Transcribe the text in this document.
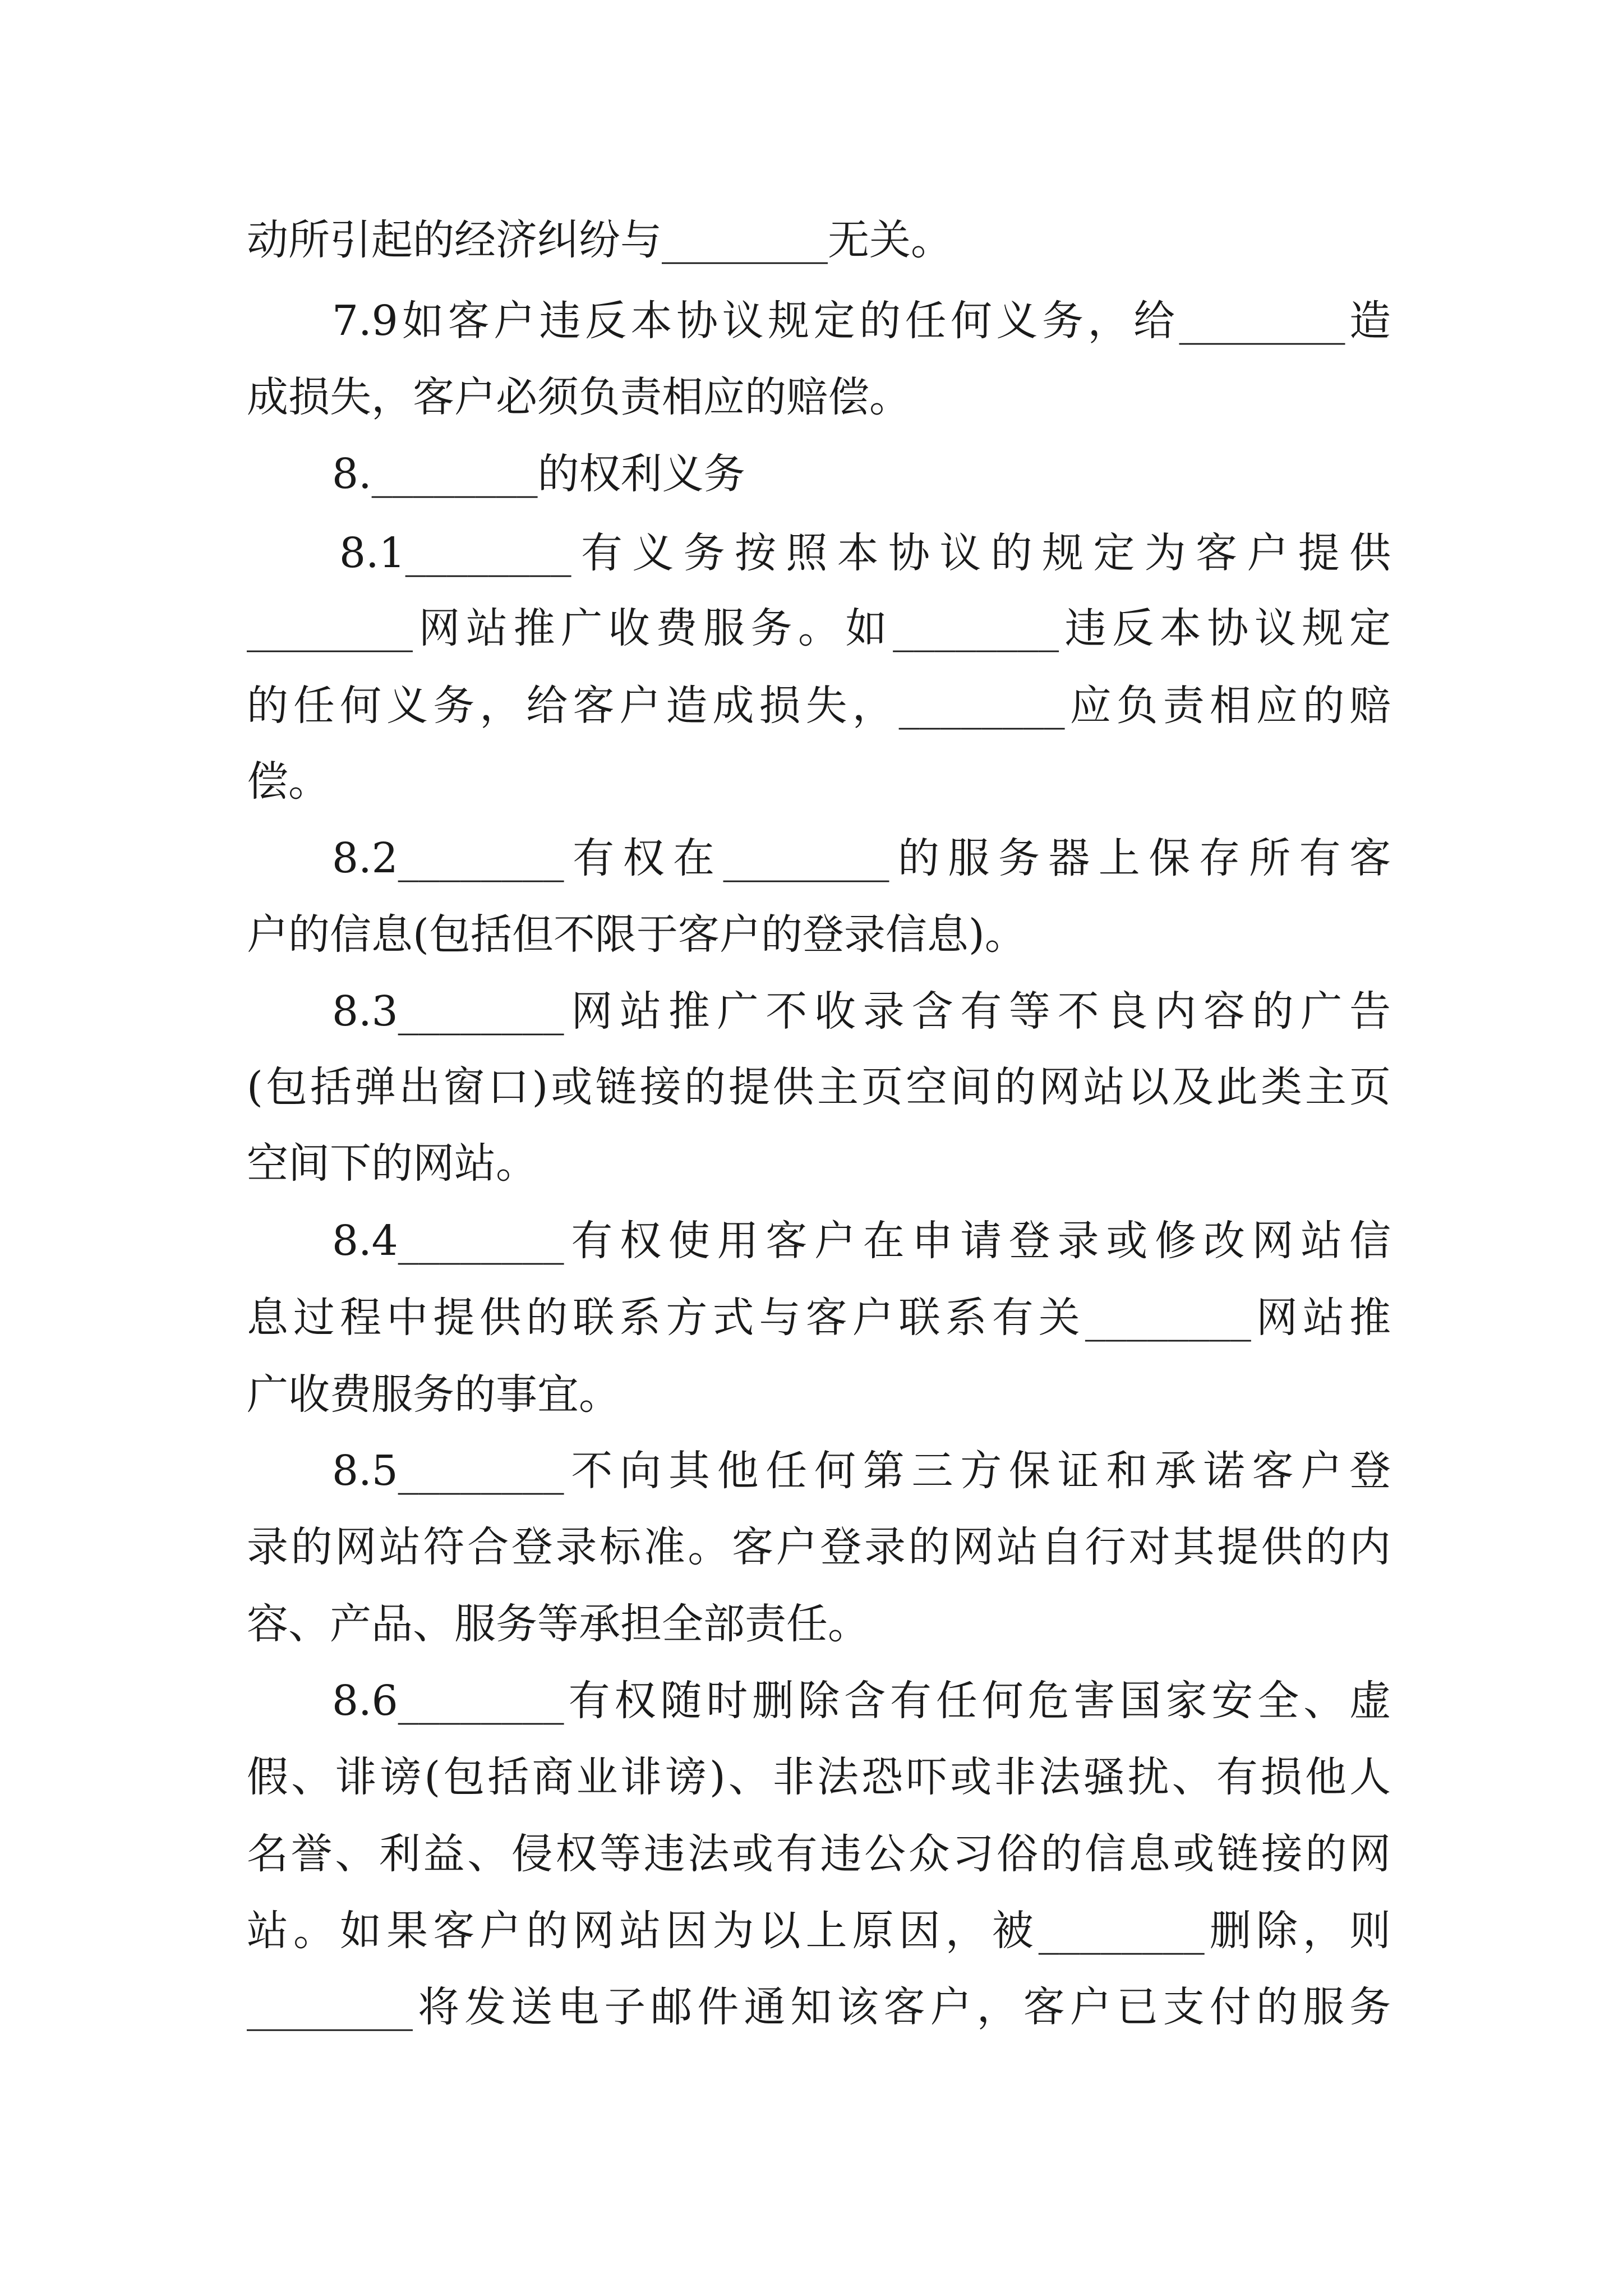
动所引起的经济纠纷与________无关。
7.9如客户违反本协议规定的任何义务，给________造
成损失，客户必须负责相应的赔偿。
8.________的权利义务
8.1________有义务按照本协议的规定为客户提供
________网站推广收费服务。如________违反本协议规定
的任何义务，给客户造成损失，________应负责相应的赔
偿。
8.2________有权在________的服务器上保存所有客
户的信息(包括但不限于客户的登录信息)。
8.3________网站推广不收录含有等不良内容的广告
(包括弹出窗口)或链接的提供主页空间的网站以及此类主页
空间下的网站。
8.4________有权使用客户在申请登录或修改网站信
息过程中提供的联系方式与客户联系有关________网站推
广收费服务的事宜。
8.5________不向其他任何第三方保证和承诺客户登
录的网站符合登录标准。客户登录的网站自行对其提供的内
容、产品、服务等承担全部责任。
8.6________有权随时删除含有任何危害国家安全、虚
假、诽谤(包括商业诽谤)、非法恐吓或非法骚扰、有损他人
名誉、利益、侵权等违法或有违公众习俗的信息或链接的网
站。如果客户的网站因为以上原因，被________删除，则
________将发送电子邮件通知该客户，客户已支付的服务
